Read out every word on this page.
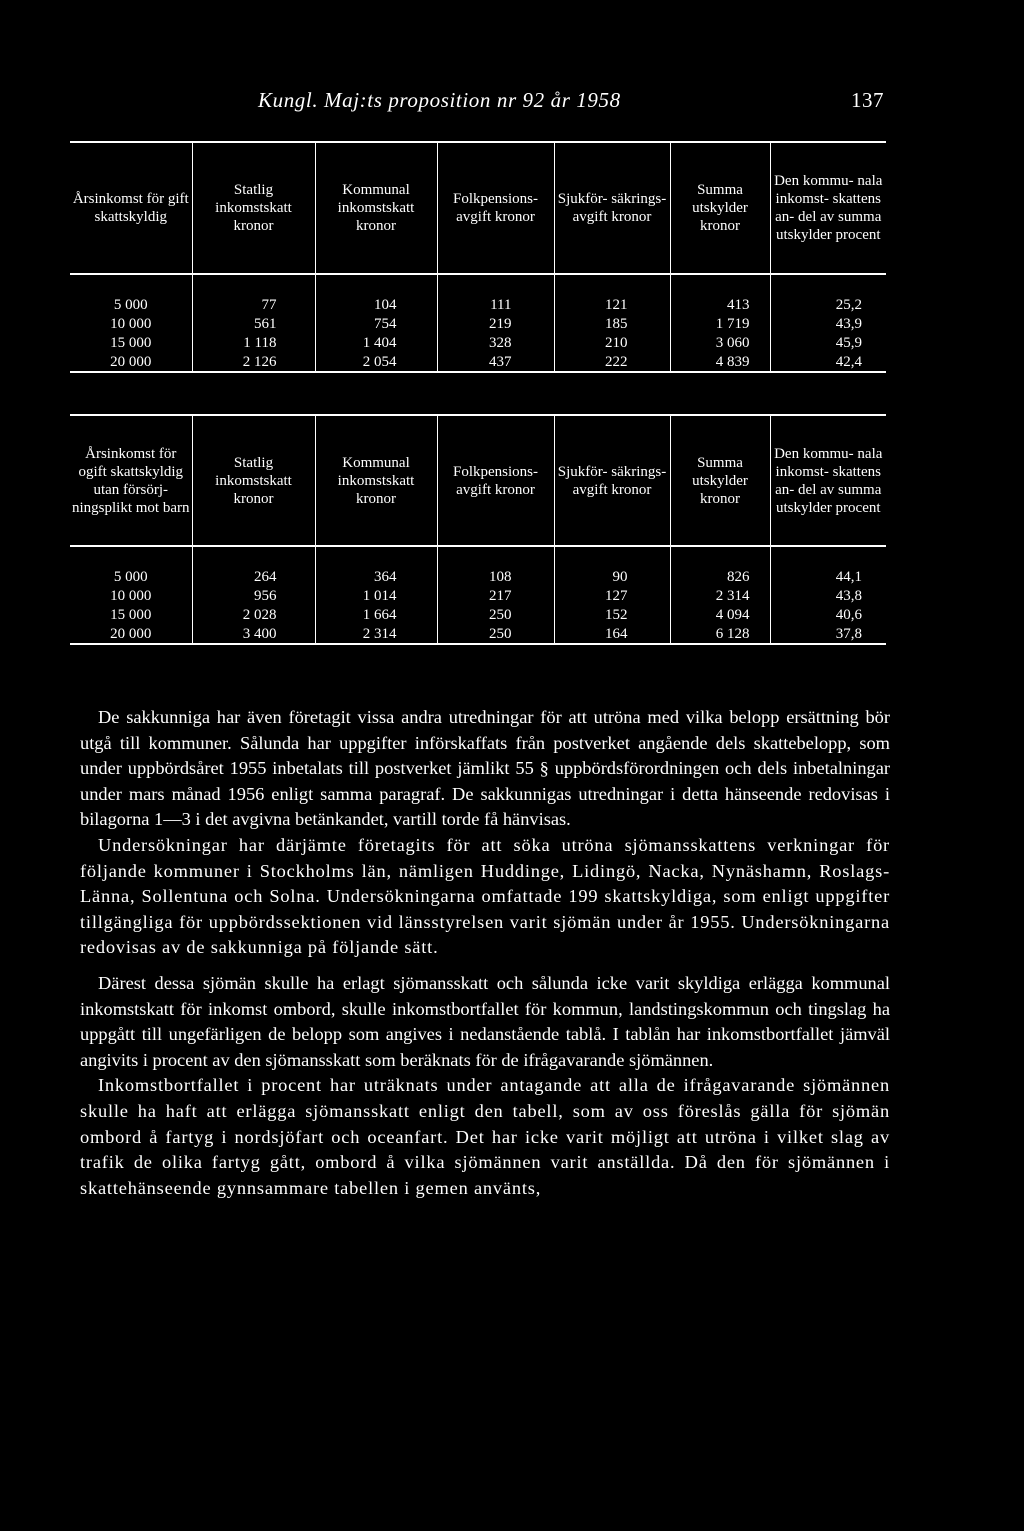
Kungl. Maj:ts proposition nr 92 år 1958	137
Årsinkomst för gift skattskyldig	Statlig inkomstskatt kronor	Kommunal inkomstskatt kronor	Folkpensions- avgift kronor	Sjukför- säkrings- avgift kronor	Summa utskylder kronor	Den kommu- nala inkomst- skattens an- del av summa utskylder procent

5 000	77	104	111	121	413	25,2
10 000	561	754	219	185	1 719	43,9
15 000	1 118	1 404	328	210	3 060	45,9
20 000	2 126	2 054	437	222	4 839	42,4
Årsinkomst för ogift skattskyldig utan försörj- ningsplikt mot barn	Statlig inkomstskatt kronor	Kommunal inkomstskatt kronor	Folkpensions- avgift kronor	Sjukför- säkrings- avgift kronor	Summa utskylder kronor	Den kommu- nala inkomst- skattens an- del av summa utskylder procent

5 000	264	364	108	90	826	44,1
10 000	956	1 014	217	127	2 314	43,8
15 000	2 028	1 664	250	152	4 094	40,6
20 000	3 400	2 314	250	164	6 128	37,8

De sakkunniga har även företagit vissa andra utredningar för att utröna med vilka belopp ersättning bör utgå till kommuner. Sålunda har uppgifter införskaffats från postverket angående dels skattebelopp, som under uppbördsåret 1955 inbetalats till postverket jämlikt 55 § uppbördsförordningen och dels inbetalningar under mars månad 1956 enligt samma paragraf. De sakkunnigas utredningar i detta hänseende redovisas i bilagorna 1—3 i det avgivna betänkandet, vartill torde få hänvisas.

Undersökningar har därjämte företagits för att söka utröna sjömansskattens verkningar för följande kommuner i Stockholms län, nämligen Huddinge, Lidingö, Nacka, Nynäshamn, Roslags-Länna, Sollentuna och Solna. Undersökningarna omfattade 199 skattskyldiga, som enligt uppgifter tillgängliga för uppbördssektionen vid länsstyrelsen varit sjömän under år 1955. Undersökningarna redovisas av de sakkunniga på följande sätt.

Därest dessa sjömän skulle ha erlagt sjömansskatt och sålunda icke varit skyldiga erlägga kommunal inkomstskatt för inkomst ombord, skulle inkomstbortfallet för kommun, landstingskommun och tingslag ha uppgått till ungefärligen de belopp som angives i nedanstående tablå. I tablån har inkomstbortfallet jämväl angivits i procent av den sjömansskatt som beräknats för de ifrågavarande sjömännen.

Inkomstbortfallet i procent har uträknats under antagande att alla de ifrågavarande sjömännen skulle ha haft att erlägga sjömansskatt enligt den tabell, som av oss föreslås gälla för sjömän ombord å fartyg i nordsjöfart och oceanfart. Det har icke varit möjligt att utröna i vilket slag av trafik de olika fartyg gått, ombord å vilka sjömännen varit anställda. Då den för sjömännen i skattehänseende gynnsammare tabellen i gemen använts,
